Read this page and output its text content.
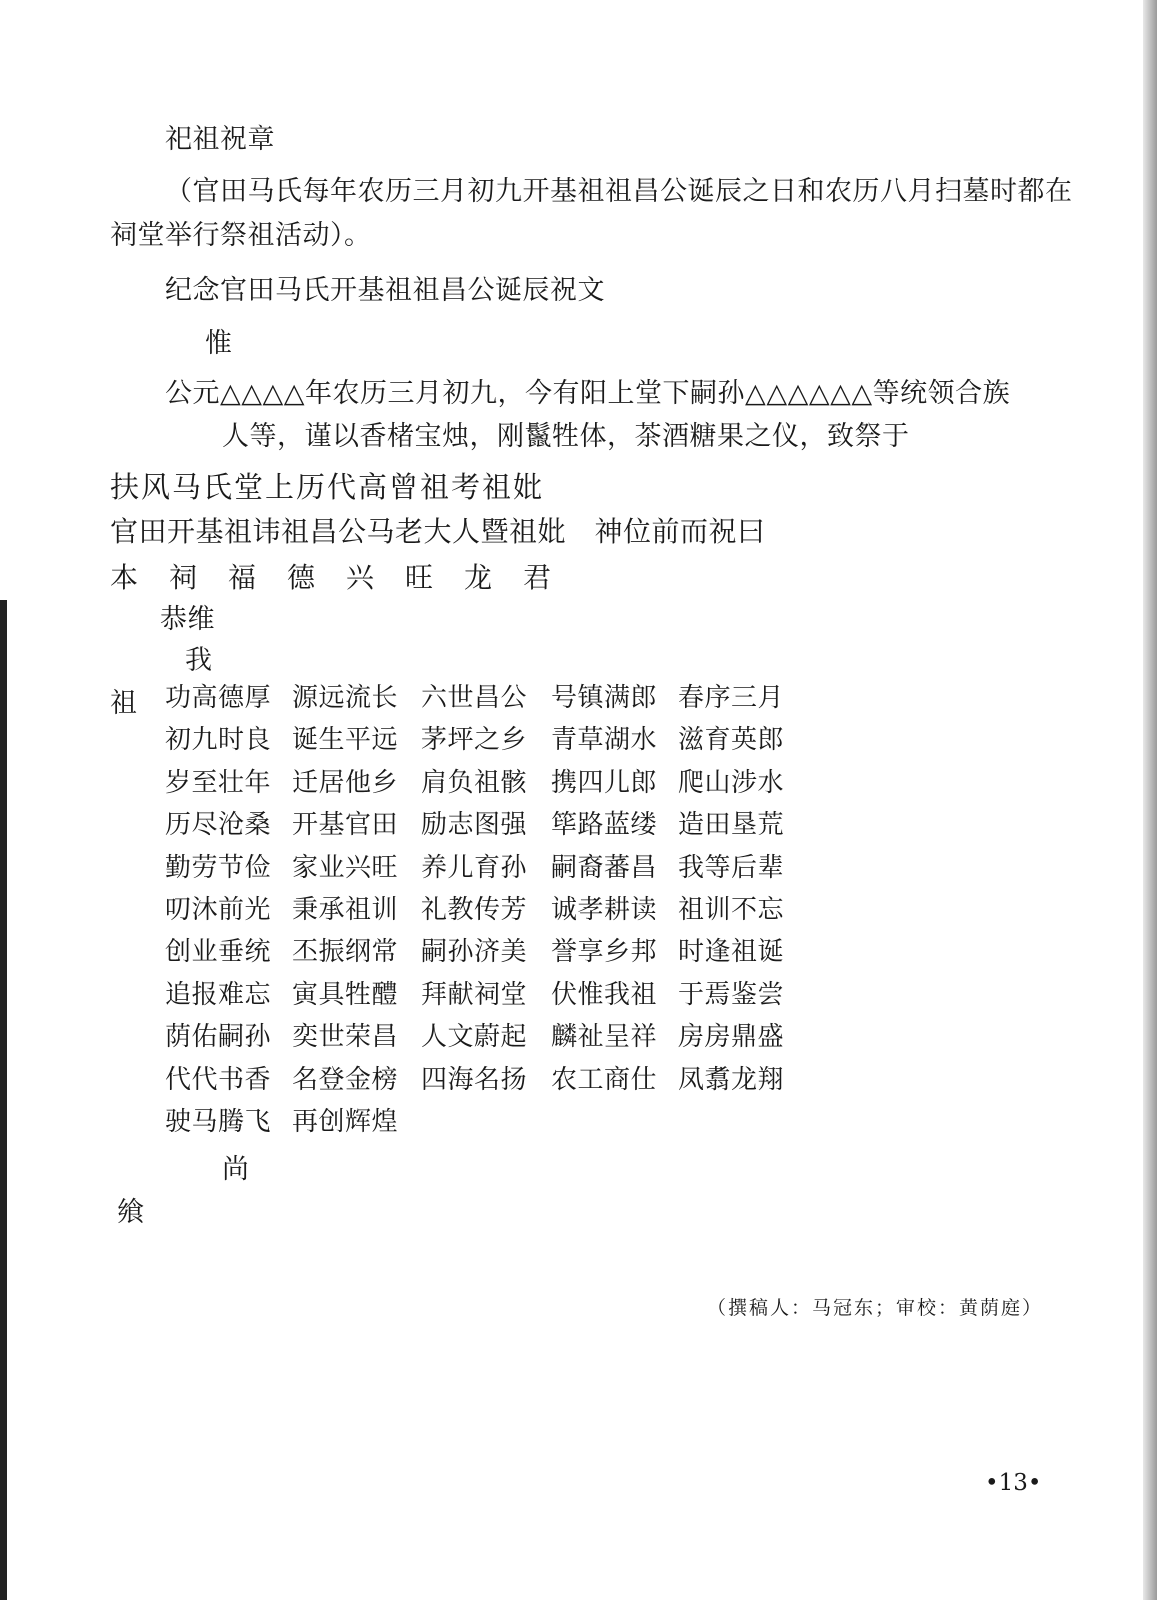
祀祖祝章
（官田马氏每年农历三月初九开基祖祖昌公诞辰之日和农历八月扫墓时都在
祠堂举行祭祖活动）。
纪念官田马氏开基祖祖昌公诞辰祝文
惟
公元△△△△年农历三月初九，今有阳上堂下嗣孙△△△△△△等统领合族
人等，谨以香楮宝烛，刚鬣牲体，茶酒糖果之仪，致祭于
扶风马氏堂上历代高曾祖考祖妣
官田开基祖讳祖昌公马老大人暨祖妣　神位前而祝曰
本祠福德兴旺龙君
恭维
我
祖 功高德厚 源远流长 六世昌公 号镇满郎 春序三月
初九时良 诞生平远 茅坪之乡 青草湖水 滋育英郎
岁至壮年 迁居他乡 肩负祖骸 携四儿郎 爬山涉水
历尽沧桑 开基官田 励志图强 筚路蓝缕 造田垦荒
勤劳节俭 家业兴旺 养儿育孙 嗣裔蕃昌 我等后辈
叨沐前光 秉承祖训 礼教传芳 诚孝耕读 祖训不忘
创业垂统 丕振纲常 嗣孙济美 誉享乡邦 时逢祖诞
追报难忘 寅具牲醴 拜献祠堂 伏惟我祖 于焉鉴尝
荫佑嗣孙 奕世荣昌 人文蔚起 麟祉呈祥 房房鼎盛
代代书香 名登金榜 四海名扬 农工商仕 凤翥龙翔
驶马腾飞 再创辉煌
尚
飨
（撰稿人：马冠东；审校：黄荫庭）
•13•
